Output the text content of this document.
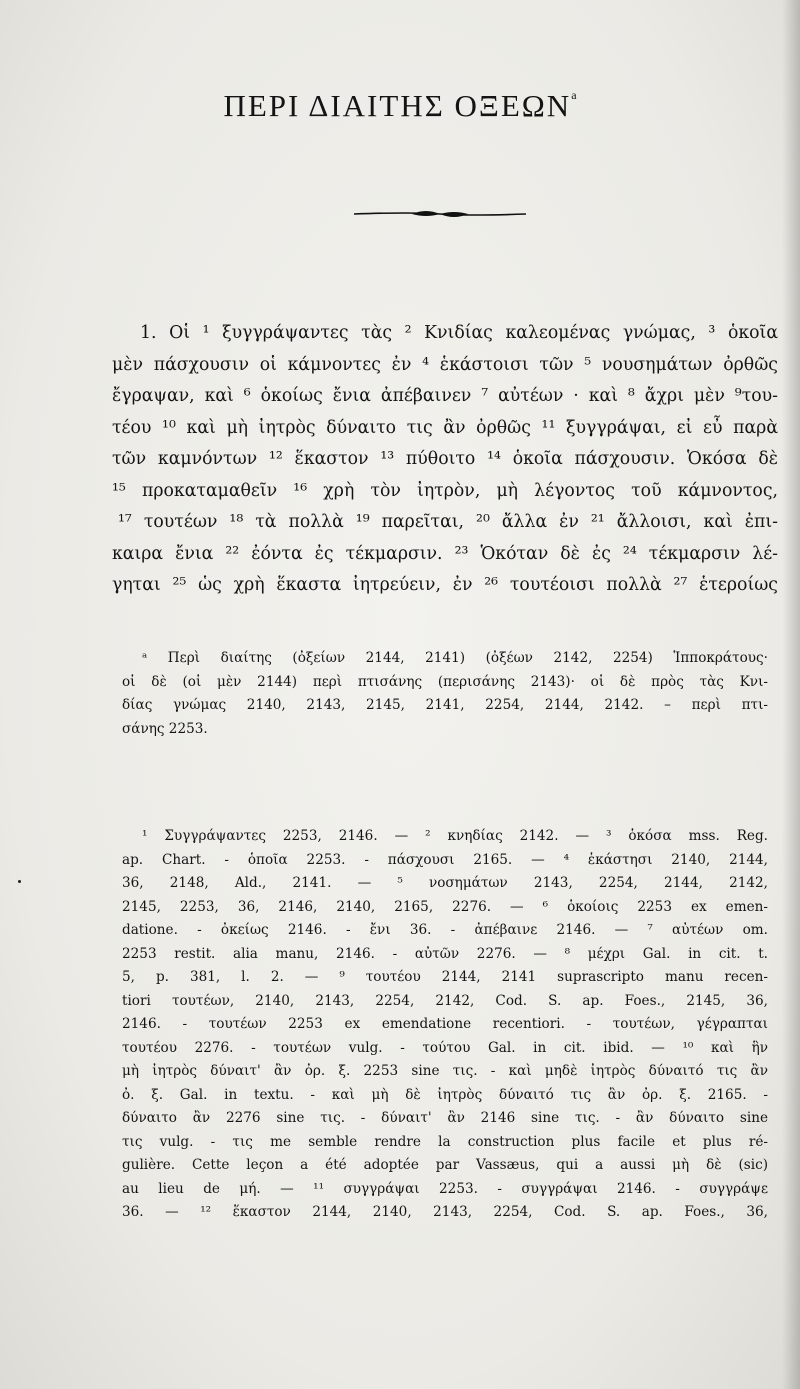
ΠΕΡΙ ΔΙΑΙΤΗΣ ΟΞΕΩΝ$^a$
1. Οἱ ¹ ξυγγράψαντες τὰς ² Κνιδίας καλεομένας γνώμας, ³ ὁκοῖα
μὲν πάσχουσιν οἱ κάμνοντες ἐν ⁴ ἑκάστοισι τῶν ⁵ νουσημάτων ὀρθῶς
ἔγραψαν, καὶ ⁶ ὁκοίως ἔνια ἀπέβαινεν ⁷ αὐτέων · καὶ ⁸ ἄχρι μὲν ⁹του-
τέου ¹⁰ καὶ μὴ ἰητρὸς δύναιτο τις ἂν ὀρθῶς ¹¹ ξυγγράψαι, εἰ εὖ παρὰ
τῶν καμνόντων ¹² ἕκαστον ¹³ πύθοιτο ¹⁴ ὁκοῖα πάσχουσιν. Ὁκόσα δὲ
¹⁵ προκαταμαθεῖν ¹⁶ χρὴ τὸν ἰητρὸν, μὴ λέγοντος τοῦ κάμνοντος,
¹⁷ τουτέων ¹⁸ τὰ πολλὰ ¹⁹ παρεῖται, ²⁰ ἄλλα ἐν ²¹ ἄλλοισι, καὶ ἐπι-
καιρα ἔνια ²² ἐόντα ἐς τέκμαρσιν. ²³ Ὁκόταν δὲ ἐς ²⁴ τέκμαρσιν λέ-
γηται ²⁵ ὡς χρὴ ἕκαστα ἰητρεύειν, ἐν ²⁶ τουτέοισι πολλὰ ²⁷ ἑτεροίως
ᵃ Περὶ διαίτης (ὀξείων 2144, 2141) (ὀξέων 2142, 2254) Ἱπποκράτους·
οἱ δὲ (οἱ μὲν 2144) περὶ πτισάνης (περισάνης 2143)· οἱ δὲ πρὸς τὰς Κνι-
δίας γνώμας 2140, 2143, 2145, 2141, 2254, 2144, 2142. – περὶ πτι-
σάνης 2253.
¹ Συγγράψαντες 2253, 2146. — ² κνηδίας 2142. — ³ ὁκόσα mss. Reg.
ap. Chart. - ὁποῖα 2253. - πάσχουσι 2165. — ⁴ ἑκάστησι 2140, 2144,
36, 2148, Ald., 2141. — ⁵ νοσημάτων 2143, 2254, 2144, 2142,
2145, 2253, 36, 2146, 2140, 2165, 2276. — ⁶ ὁκοίοις 2253 ex emen-
datione. - ὀκείως 2146. - ἔνι 36. - ἀπέβαινε 2146. — ⁷ αὐτέων om.
2253 restit. alia manu, 2146. - αὐτῶν 2276. — ⁸ μέχρι Gal. in cit. t.
5, p. 381, l. 2. — ⁹ τουτέου 2144, 2141 suprascripto manu recen-
tiori τουτέων, 2140, 2143, 2254, 2142, Cod. S. ap. Foes., 2145, 36,
2146. - τουτέων 2253 ex emendatione recentiori. - τουτέων, γέγραπται
τουτέου 2276. - τουτέων vulg. - τούτου Gal. in cit. ibid. — ¹⁰ καὶ ἣν
μὴ ἰητρὸς δύναιτ' ἂν ὀρ. ξ. 2253 sine τις. - καὶ μηδὲ ἰητρὸς δύναιτό τις ἂν
ὀ. ξ. Gal. in textu. - καὶ μὴ δὲ ἰητρὸς δύναιτό τις ἂν ὀρ. ξ. 2165. -
δύναιτο ἂν 2276 sine τις. - δύναιτ' ἂν 2146 sine τις. - ἂν δύναιτο sine
τις vulg. - τις me semble rendre la construction plus facile et plus ré-
gulière. Cette leçon a été adoptée par Vassæus, qui a aussi μὴ δὲ (sic)
au lieu de μή. — ¹¹ συγγράψαι 2253. - συγγράψαι 2146. - συγγράψε
36. — ¹² ἕκαστον 2144, 2140, 2143, 2254, Cod. S. ap. Foes., 36,
